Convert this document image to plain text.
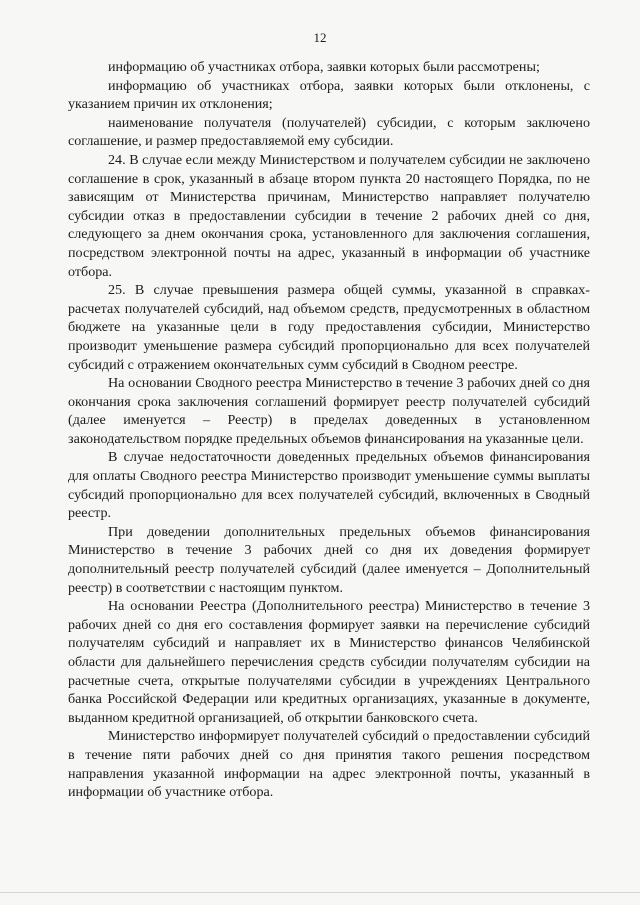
12

информацию об участниках отбора, заявки которых были рассмотрены;

информацию об участниках отбора, заявки которых были отклонены, с указанием причин их отклонения;

наименование получателя (получателей) субсидии, с которым заключено соглашение, и размер предоставляемой ему субсидии.

24. В случае если между Министерством и получателем субсидии не заключено соглашение в срок, указанный в абзаце втором пункта 20 настоящего Порядка, по не зависящим от Министерства причинам, Министерство направляет получателю субсидии отказ в предоставлении субсидии в течение 2 рабочих дней со дня, следующего за днем окончания срока, установленного для заключения соглашения, посредством электронной почты на адрес, указанный в информации об участнике отбора.

25. В случае превышения размера общей суммы, указанной в справках-расчетах получателей субсидий, над объемом средств, предусмотренных в областном бюджете на указанные цели в году предоставления субсидии, Министерство производит уменьшение размера субсидий пропорционально для всех получателей субсидий с отражением окончательных сумм субсидий в Сводном реестре.

На основании Сводного реестра Министерство в течение 3 рабочих дней со дня окончания срока заключения соглашений формирует реестр получателей субсидий (далее именуется – Реестр) в пределах доведенных в установленном законодательством порядке предельных объемов финансирования на указанные цели.

В случае недостаточности доведенных предельных объемов финансирования для оплаты Сводного реестра Министерство производит уменьшение суммы выплаты субсидий пропорционально для всех получателей субсидий, включенных в Сводный реестр.

При доведении дополнительных предельных объемов финансирования Министерство в течение 3 рабочих дней со дня их доведения формирует дополнительный реестр получателей субсидий (далее именуется – Дополнительный реестр) в соответствии с настоящим пунктом.

На основании Реестра (Дополнительного реестра) Министерство в течение 3 рабочих дней со дня его составления формирует заявки на перечисление субсидий получателям субсидий и направляет их в Министерство финансов Челябинской области для дальнейшего перечисления средств субсидии получателям субсидии на расчетные счета, открытые получателями субсидии в учреждениях Центрального банка Российской Федерации или кредитных организациях, указанные в документе, выданном кредитной организацией, об открытии банковского счета.

Министерство информирует получателей субсидий о предоставлении субсидий в течение пяти рабочих дней со дня принятия такого решения посредством направления указанной информации на адрес электронной почты, указанный в информации об участнике отбора.
